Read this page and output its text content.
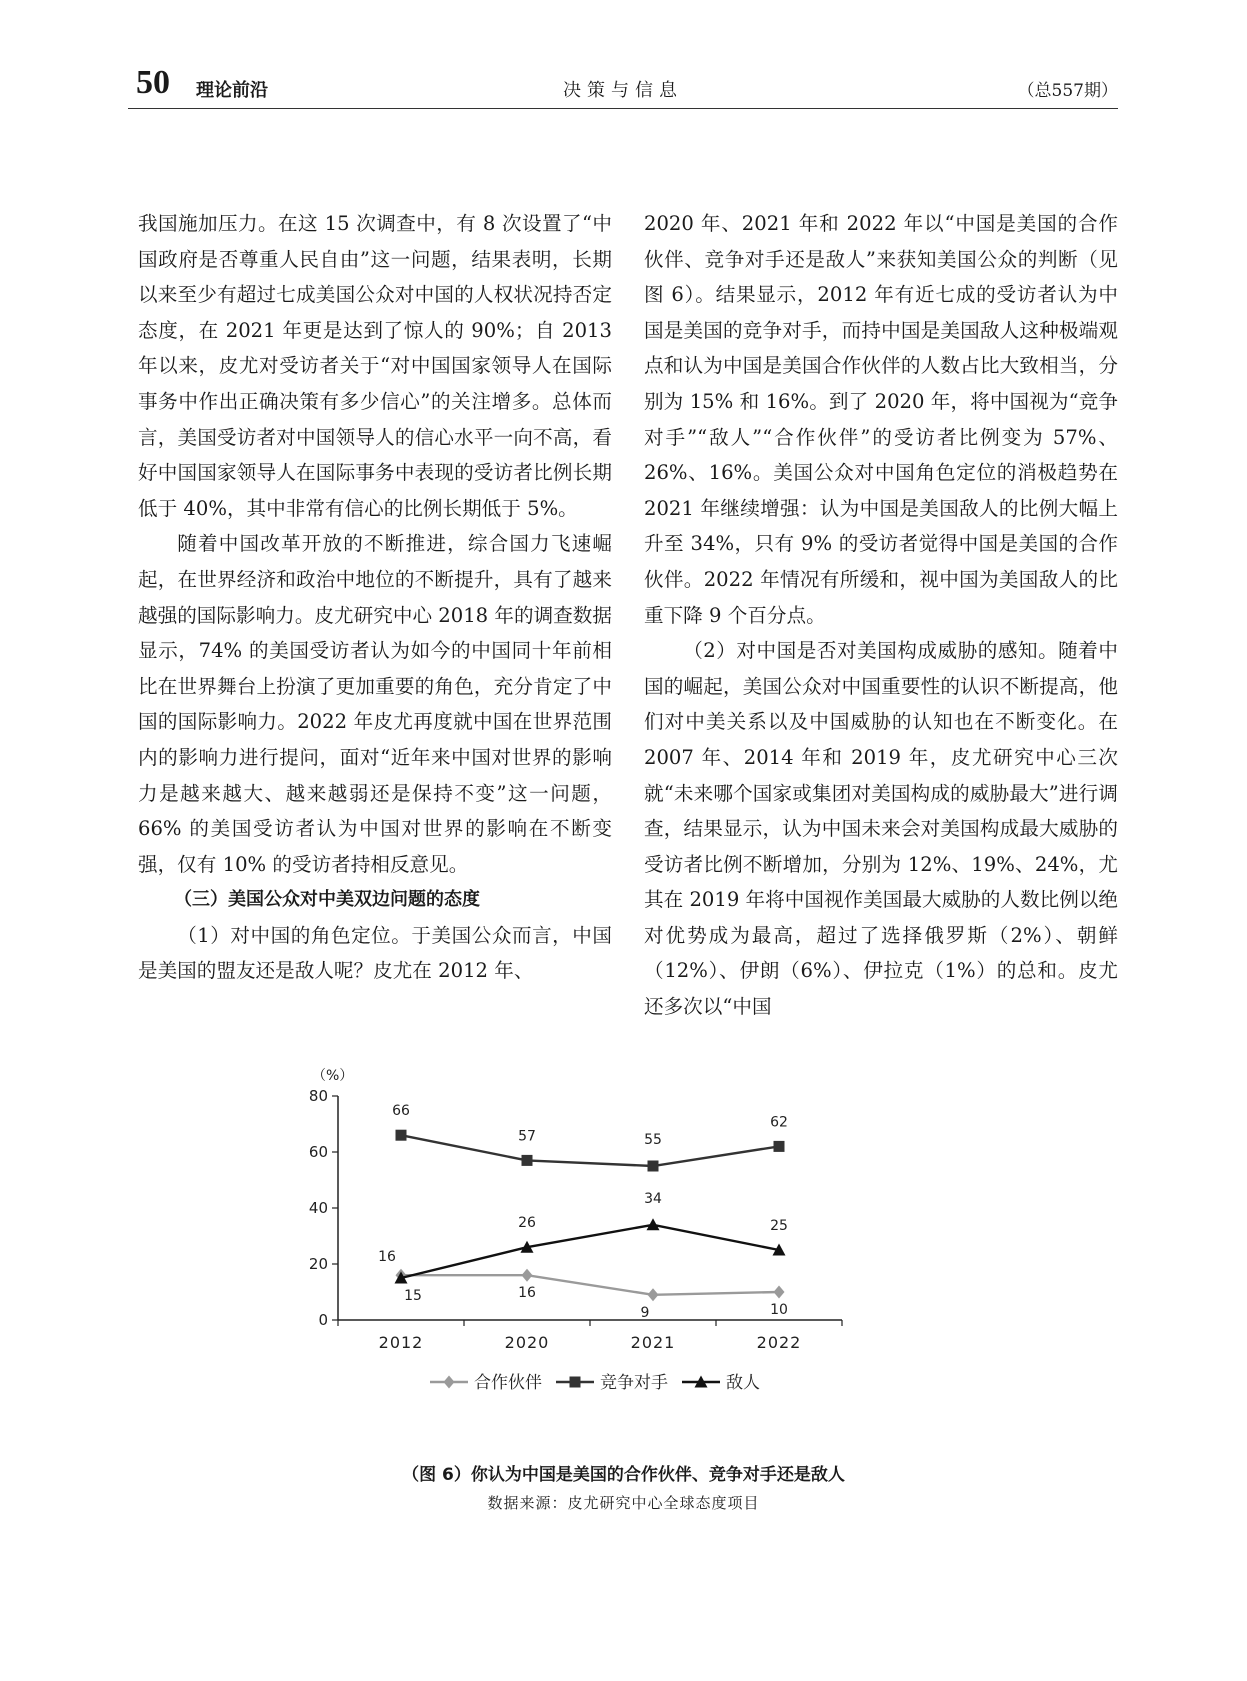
50 理论前沿	决策与信息	（总557期）

我国施加压力。在这 15 次调查中，有 8 次设置了“中国政府是否尊重人民自由”这一问题，结果表明，长期以来至少有超过七成美国公众对中国的人权状况持否定态度，在 2021 年更是达到了惊人的 90%；自 2013 年以来，皮尤对受访者关于“对中国国家领导人在国际事务中作出正确决策有多少信心”的关注增多。总体而言，美国受访者对中国领导人的信心水平一向不高，看好中国国家领导人在国际事务中表现的受访者比例长期低于 40%，其中非常有信心的比例长期低于 5%。

随着中国改革开放的不断推进，综合国力飞速崛起，在世界经济和政治中地位的不断提升，具有了越来越强的国际影响力。皮尤研究中心 2018 年的调查数据显示，74% 的美国受访者认为如今的中国同十年前相比在世界舞台上扮演了更加重要的角色，充分肯定了中国的国际影响力。2022 年皮尤再度就中国在世界范围内的影响力进行提问，面对“近年来中国对世界的影响力是越来越大、越来越弱还是保持不变”这一问题，66% 的美国受访者认为中国对世界的影响在不断变强，仅有 10% 的受访者持相反意见。

（三）美国公众对中美双边问题的态度

（1）对中国的角色定位。于美国公众而言，中国是美国的盟友还是敌人呢？皮尤在 2012 年、

2020 年、2021 年和 2022 年以“中国是美国的合作伙伴、竞争对手还是敌人”来获知美国公众的判断（见图 6）。结果显示，2012 年有近七成的受访者认为中国是美国的竞争对手，而持中国是美国敌人这种极端观点和认为中国是美国合作伙伴的人数占比大致相当，分别为 15% 和 16%。到了 2020 年，将中国视为“竞争对手”“敌人”“合作伙伴”的受访者比例变为 57%、26%、16%。美国公众对中国角色定位的消极趋势在 2021 年继续增强：认为中国是美国敌人的比例大幅上升至 34%，只有 9% 的受访者觉得中国是美国的合作伙伴。2022 年情况有所缓和，视中国为美国敌人的比重下降 9 个百分点。

（2）对中国是否对美国构成威胁的感知。随着中国的崛起，美国公众对中国重要性的认识不断提高，他们对中美关系以及中国威胁的认知也在不断变化。在 2007 年、2014 年和 2019 年，皮尤研究中心三次就“未来哪个国家或集团对美国构成的威胁最大”进行调查，结果显示，认为中国未来会对美国构成最大威胁的受访者比例不断增加，分别为 12%、19%、24%，尤其在 2019 年将中国视作美国最大威胁的人数比例以绝对优势成为最高，超过了选择俄罗斯（2%）、朝鲜（12%）、伊朗（6%）、伊拉克（1%）的总和。皮尤还多次以“中国

（%）
0
20
40
60
80
2012	2020	2021	2022
16
16
9	10
66
57	55
62
15
26
34
25
合作伙伴	竞争对手	敌人
（图 6）你认为中国是美国的合作伙伴、竞争对手还是敌人
数据来源：皮尤研究中心全球态度项目
